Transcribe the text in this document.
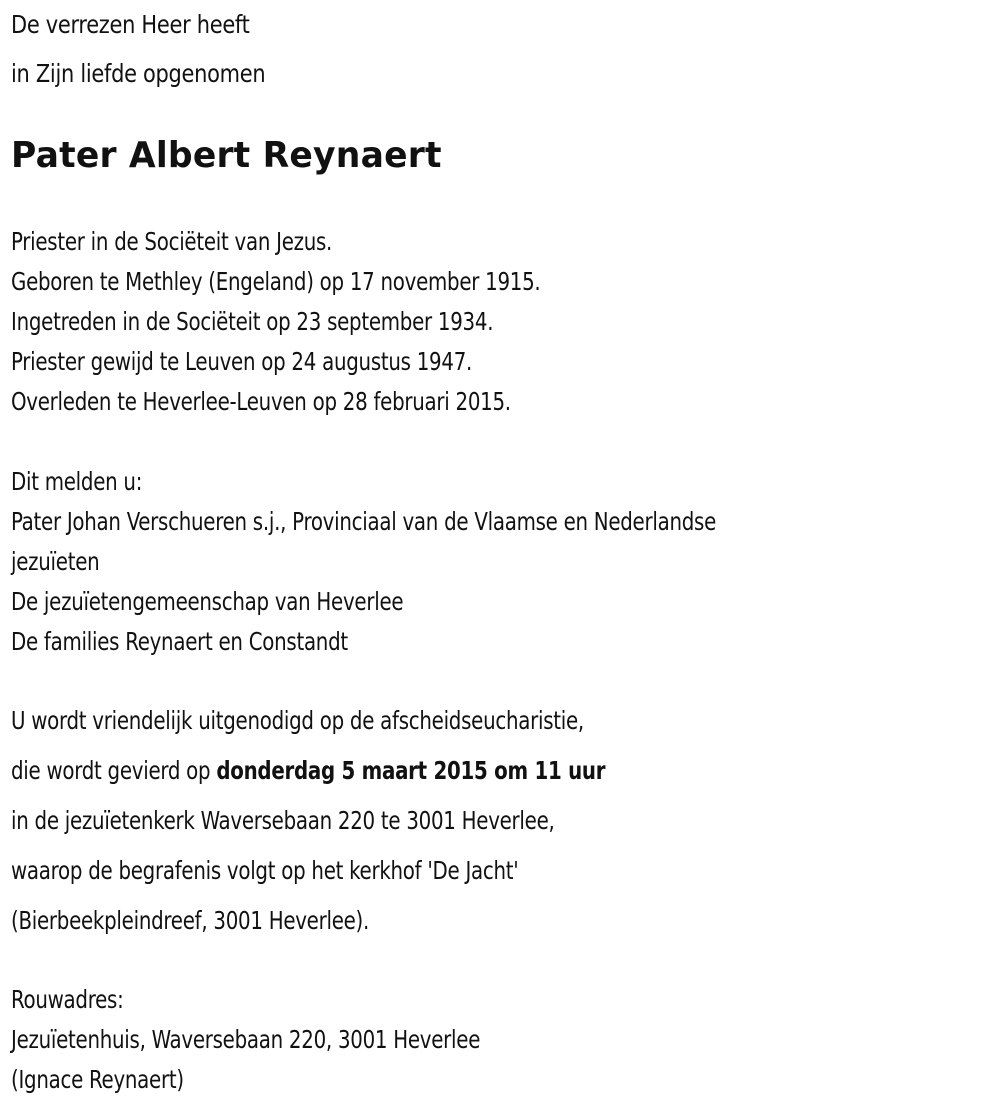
De verrezen Heer heeft
in Zijn liefde opgenomen
Pater Albert Reynaert
Priester in de Sociëteit van Jezus.
Geboren te Methley (Engeland) op 17 november 1915.
Ingetreden in de Sociëteit op 23 september 1934.
Priester gewijd te Leuven op 24 augustus 1947.
Overleden te Heverlee-Leuven op 28 februari 2015.
Dit melden u:
Pater Johan Verschueren s.j., Provinciaal van de Vlaamse en Nederlandse
jezuïeten
De jezuïetengemeenschap van Heverlee
De families Reynaert en Constandt
U wordt vriendelijk uitgenodigd op de afscheidseucharistie,
die wordt gevierd op donderdag 5 maart 2015 om 11 uur
in de jezuïetenkerk Waversebaan 220 te 3001 Heverlee,
waarop de begrafenis volgt op het kerkhof 'De Jacht'
(Bierbeekpleindreef, 3001 Heverlee).
Rouwadres:
Jezuïetenhuis, Waversebaan 220, 3001 Heverlee
(Ignace Reynaert)
